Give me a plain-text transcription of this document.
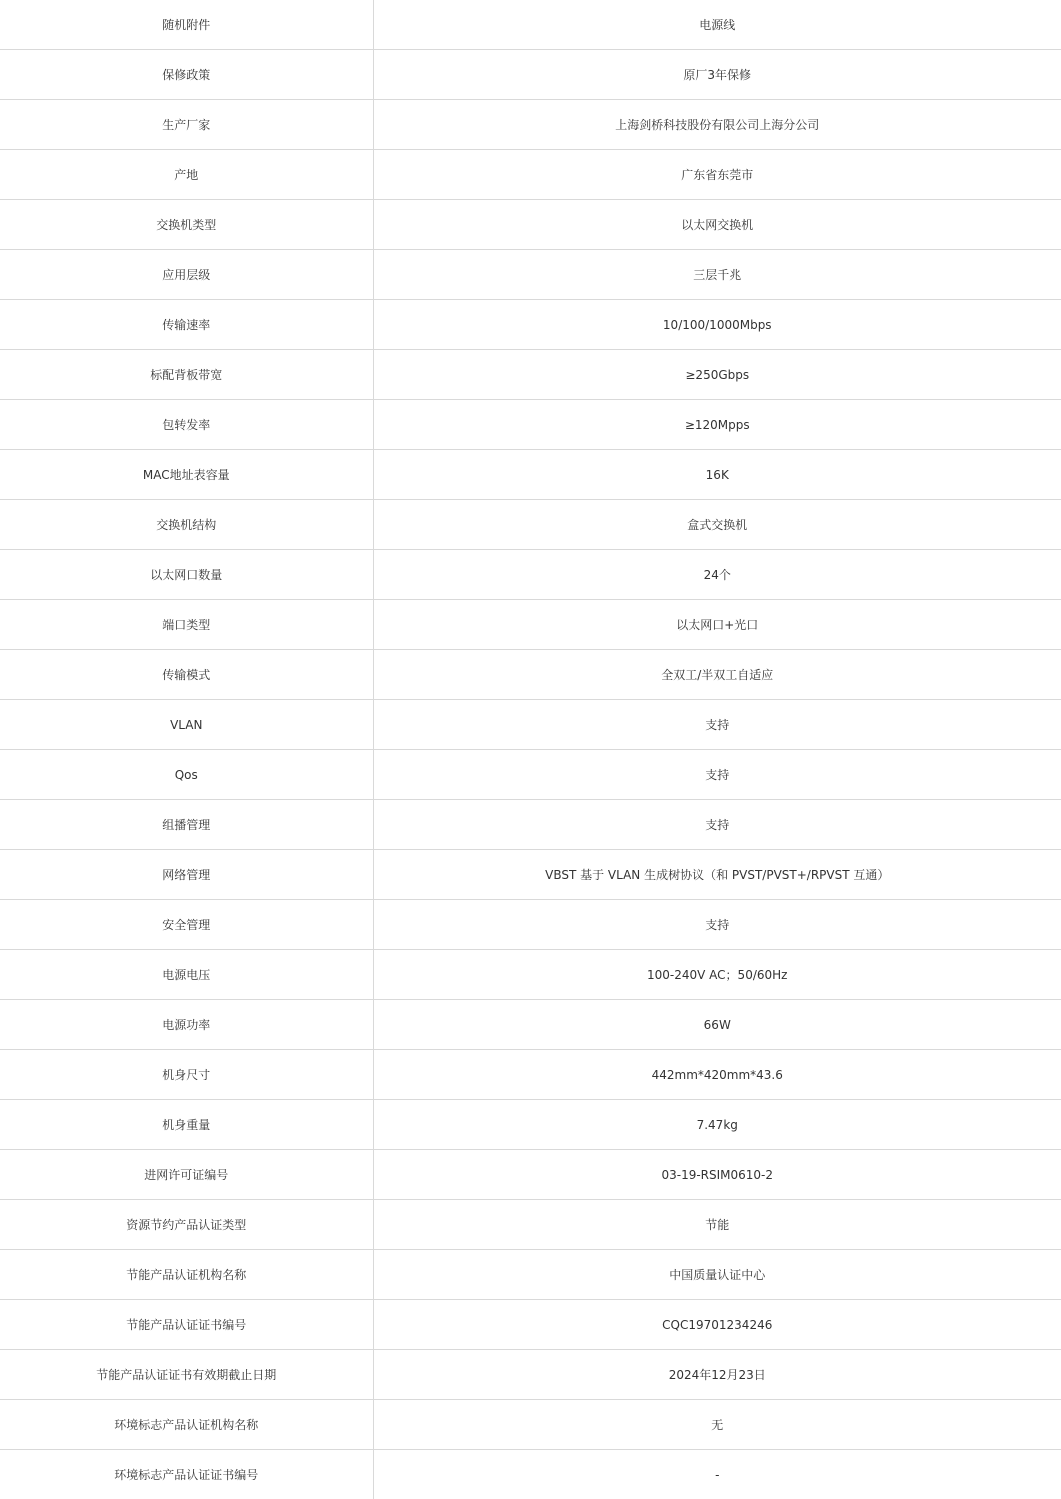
随机附件	电源线
保修政策	原厂3年保修
生产厂家	上海剑桥科技股份有限公司上海分公司
产地	广东省东莞市
交换机类型	以太网交换机
应用层级	三层千兆
传输速率	10/100/1000Mbps
标配背板带宽	≥250Gbps
包转发率	≥120Mpps
MAC地址表容量	16K
交换机结构	盒式交换机
以太网口数量	24个
端口类型	以太网口+光口
传输模式	全双工/半双工自适应
VLAN	支持
Qos	支持
组播管理	支持
网络管理	VBST 基于 VLAN 生成树协议（和 PVST/PVST+/RPVST 互通）
安全管理	支持
电源电压	100-240V AC；50/60Hz
电源功率	66W
机身尺寸	442mm*420mm*43.6
机身重量	7.47kg
进网许可证编号	03-19-RSIM0610-2
资源节约产品认证类型	节能
节能产品认证机构名称	中国质量认证中心
节能产品认证证书编号	CQC19701234246
节能产品认证证书有效期截止日期	2024年12月23日
环境标志产品认证机构名称	无
环境标志产品认证证书编号	-
